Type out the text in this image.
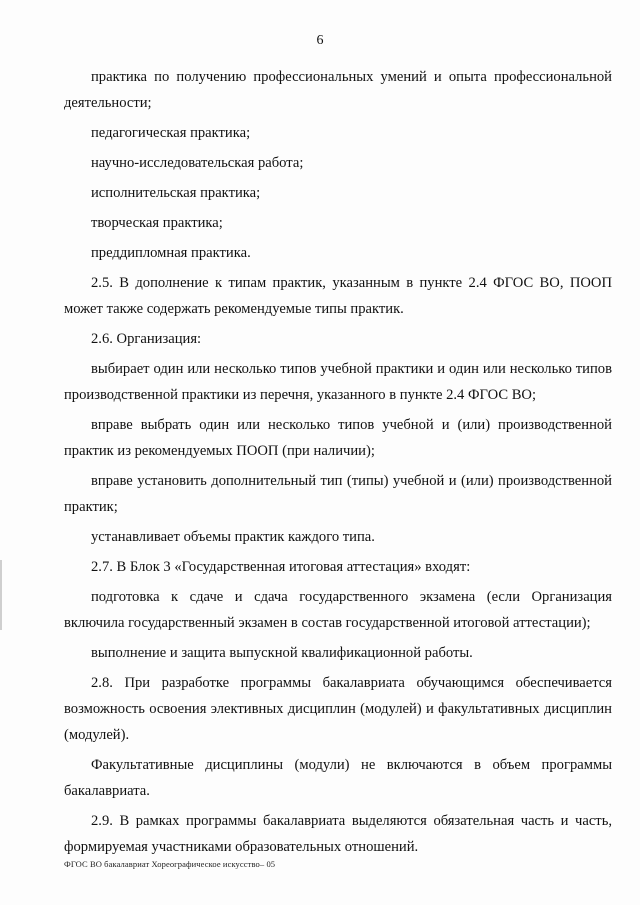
6

практика по получению профессиональных умений и опыта профессиональной деятельности;

педагогическая практика;

научно-исследовательская работа;

исполнительская практика;

творческая практика;

преддипломная практика.

2.5. В дополнение к типам практик, указанным в пункте 2.4 ФГОС ВО, ПООП может также содержать рекомендуемые типы практик.

2.6. Организация:

выбирает один или несколько типов учебной практики и один или несколько типов производственной практики из перечня, указанного в пункте 2.4 ФГОС ВО;

вправе выбрать один или несколько типов учебной и (или) производственной практик из рекомендуемых ПООП (при наличии);

вправе установить дополнительный тип (типы) учебной и (или) производственной практик;

устанавливает объемы практик каждого типа.

2.7. В Блок 3 «Государственная итоговая аттестация» входят:

подготовка к сдаче и сдача государственного экзамена (если Организация включила государственный экзамен в состав государственной итоговой аттестации);

выполнение и защита выпускной квалификационной работы.

2.8. При разработке программы бакалавриата обучающимся обеспечивается возможность освоения элективных дисциплин (модулей) и факультативных дисциплин (модулей).

Факультативные дисциплины (модули) не включаются в объем программы бакалавриата.

2.9. В рамках программы бакалавриата выделяются обязательная часть и часть, формируемая участниками образовательных отношений.

ФГОС ВО бакалавриат Хореографическое искусство– 05
